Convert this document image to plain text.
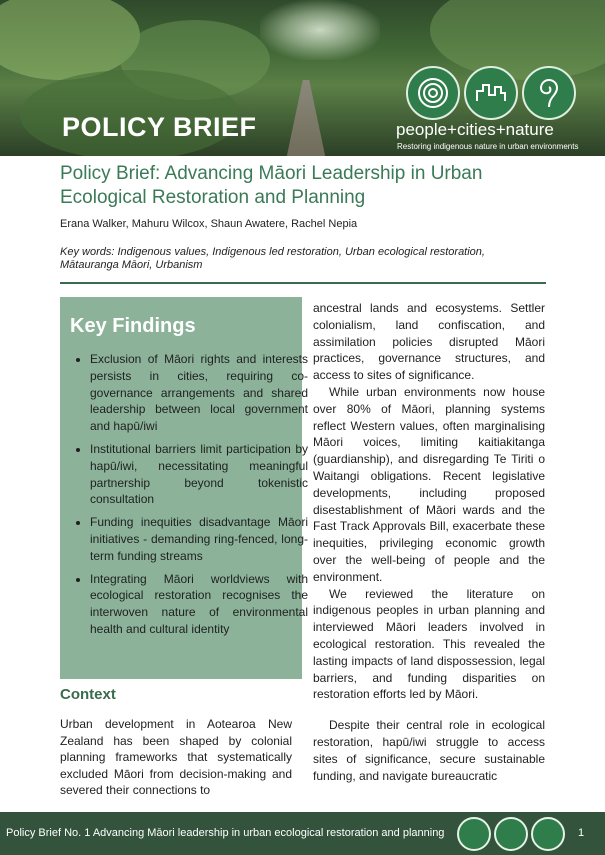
POLICY BRIEF	people+cities+nature
Restoring indigenous nature in urban environments
Policy Brief: Advancing Māori Leadership in Urban Ecological Restoration and Planning
Erana Walker, Mahuru Wilcox, Shaun Awatere, Rachel Nepia
Key words: Indigenous values, Indigenous led restoration, Urban ecological restoration, Mātauranga Māori, Urbanism
Key Findings
• Exclusion of Māori rights and interests persists in cities, requiring co-governance arrangements and shared leadership between local government and hapū/iwi
• Institutional barriers limit participation by hapū/iwi, necessitating meaningful partnership beyond tokenistic consultation
• Funding inequities disadvantage Māori initiatives - demanding ring-fenced, long-term funding streams
• Integrating Māori worldviews with ecological restoration recognises the interwoven nature of environmental health and cultural identity
Context

Urban development in Aotearoa New Zealand has been shaped by colonial planning frameworks that systematically excluded Māori from decision-making and severed their connections to

ancestral lands and ecosystems. Settler colonialism, land confiscation, and assimilation policies disrupted Māori practices, governance structures, and access to sites of significance.

While urban environments now house over 80% of Māori, planning systems reflect Western values, often marginalising Māori voices, limiting kaitiakitanga (guardianship), and disregarding Te Tiriti o Waitangi obligations. Recent legislative developments, including proposed disestablishment of Māori wards and the Fast Track Approvals Bill, exacerbate these inequities, privileging economic growth over the well-being of people and the environment.

We reviewed the literature on indigenous peoples in urban planning and interviewed Māori leaders involved in ecological restoration. This revealed the lasting impacts of land dispossession, legal barriers, and funding disparities on restoration efforts led by Māori.

Despite their central role in ecological restoration, hapū/iwi struggle to access sites of significance, secure sustainable funding, and navigate bureaucratic

Policy Brief No. 1 Advancing Māori leadership in urban ecological restoration and planning	1
